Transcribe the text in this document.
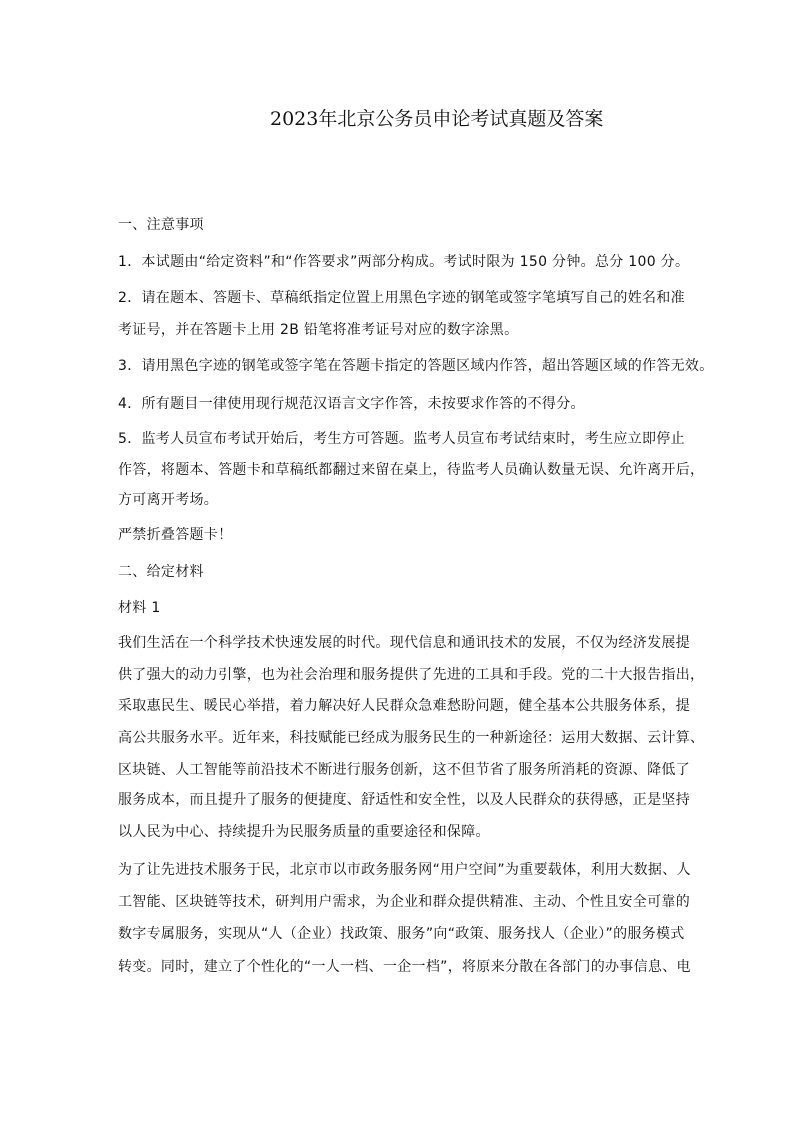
2023年北京公务员申论考试真题及答案
一、注意事项
1．本试题由“给定资料”和“作答要求”两部分构成。考试时限为 150 分钟。总分 100 分。
2．请在题本、答题卡、草稿纸指定位置上用黑色字迹的钢笔或签字笔填写自己的姓名和准
考证号，并在答题卡上用 2B 铅笔将准考证号对应的数字涂黑。
3．请用黑色字迹的钢笔或签字笔在答题卡指定的答题区域内作答，超出答题区域的作答无效。
4．所有题目一律使用现行规范汉语言文字作答，未按要求作答的不得分。
5．监考人员宣布考试开始后，考生方可答题。监考人员宣布考试结束时，考生应立即停止
作答，将题本、答题卡和草稿纸都翻过来留在桌上，待监考人员确认数量无误、允许离开后，
方可离开考场。
严禁折叠答题卡！
二、给定材料
材料 1
我们生活在一个科学技术快速发展的时代。现代信息和通讯技术的发展，不仅为经济发展提
供了强大的动力引擎，也为社会治理和服务提供了先进的工具和手段。党的二十大报告指出，
采取惠民生、暖民心举措，着力解决好人民群众急难愁盼问题，健全基本公共服务体系，提
高公共服务水平。近年来，科技赋能已经成为服务民生的一种新途径：运用大数据、云计算、
区块链、人工智能等前沿技术不断进行服务创新，这不但节省了服务所消耗的资源、降低了
服务成本，而且提升了服务的便捷度、舒适性和安全性，以及人民群众的获得感，正是坚持
以人民为中心、持续提升为民服务质量的重要途径和保障。
为了让先进技术服务于民，北京市以市政务服务网“用户空间”为重要载体，利用大数据、人
工智能、区块链等技术，研判用户需求，为企业和群众提供精准、主动、个性且安全可靠的
数字专属服务，实现从“人（企业）找政策、服务”向“政策、服务找人（企业）”的服务模式
转变。同时，建立了个性化的“一人一档、一企一档”，将原来分散在各部门的办事信息、电
